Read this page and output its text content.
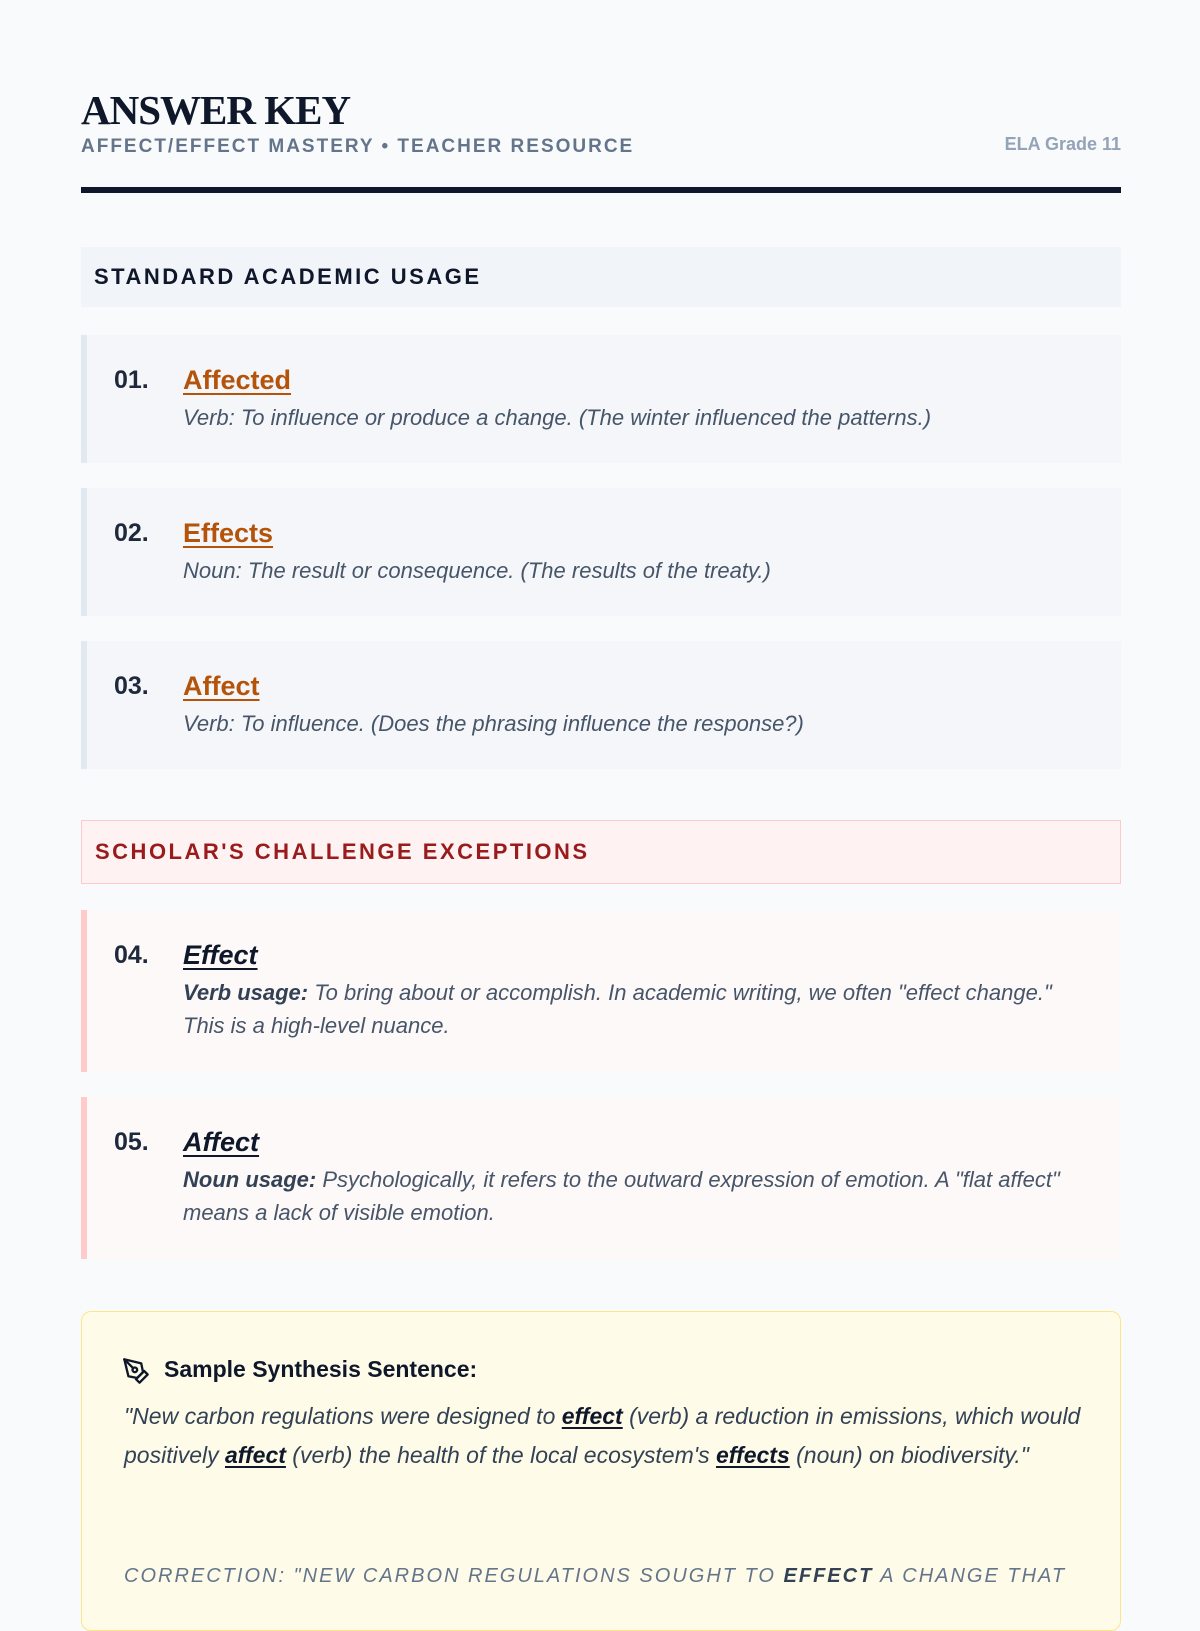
ANSWER KEY
AFFECT/EFFECT MASTERY • TEACHER RESOURCE	ELA Grade 11
STANDARD ACADEMIC USAGE
01. Affected
Verb: To influence or produce a change. (The winter influenced the patterns.)
02. Effects
Noun: The result or consequence. (The results of the treaty.)
03. Affect
Verb: To influence. (Does the phrasing influence the response?)
SCHOLAR'S CHALLENGE EXCEPTIONS
04. Effect
Verb usage: To bring about or accomplish. In academic writing, we often "effect change." This is a high-level nuance.
05. Affect
Noun usage: Psychologically, it refers to the outward expression of emotion. A "flat affect" means a lack of visible emotion.
Sample Synthesis Sentence:

"New carbon regulations were designed to effect (verb) a reduction in emissions, which would positively affect (verb) the health of the local ecosystem's effects (noun) on biodiversity."

CORRECTION: "NEW CARBON REGULATIONS SOUGHT TO EFFECT A CHANGE THAT
